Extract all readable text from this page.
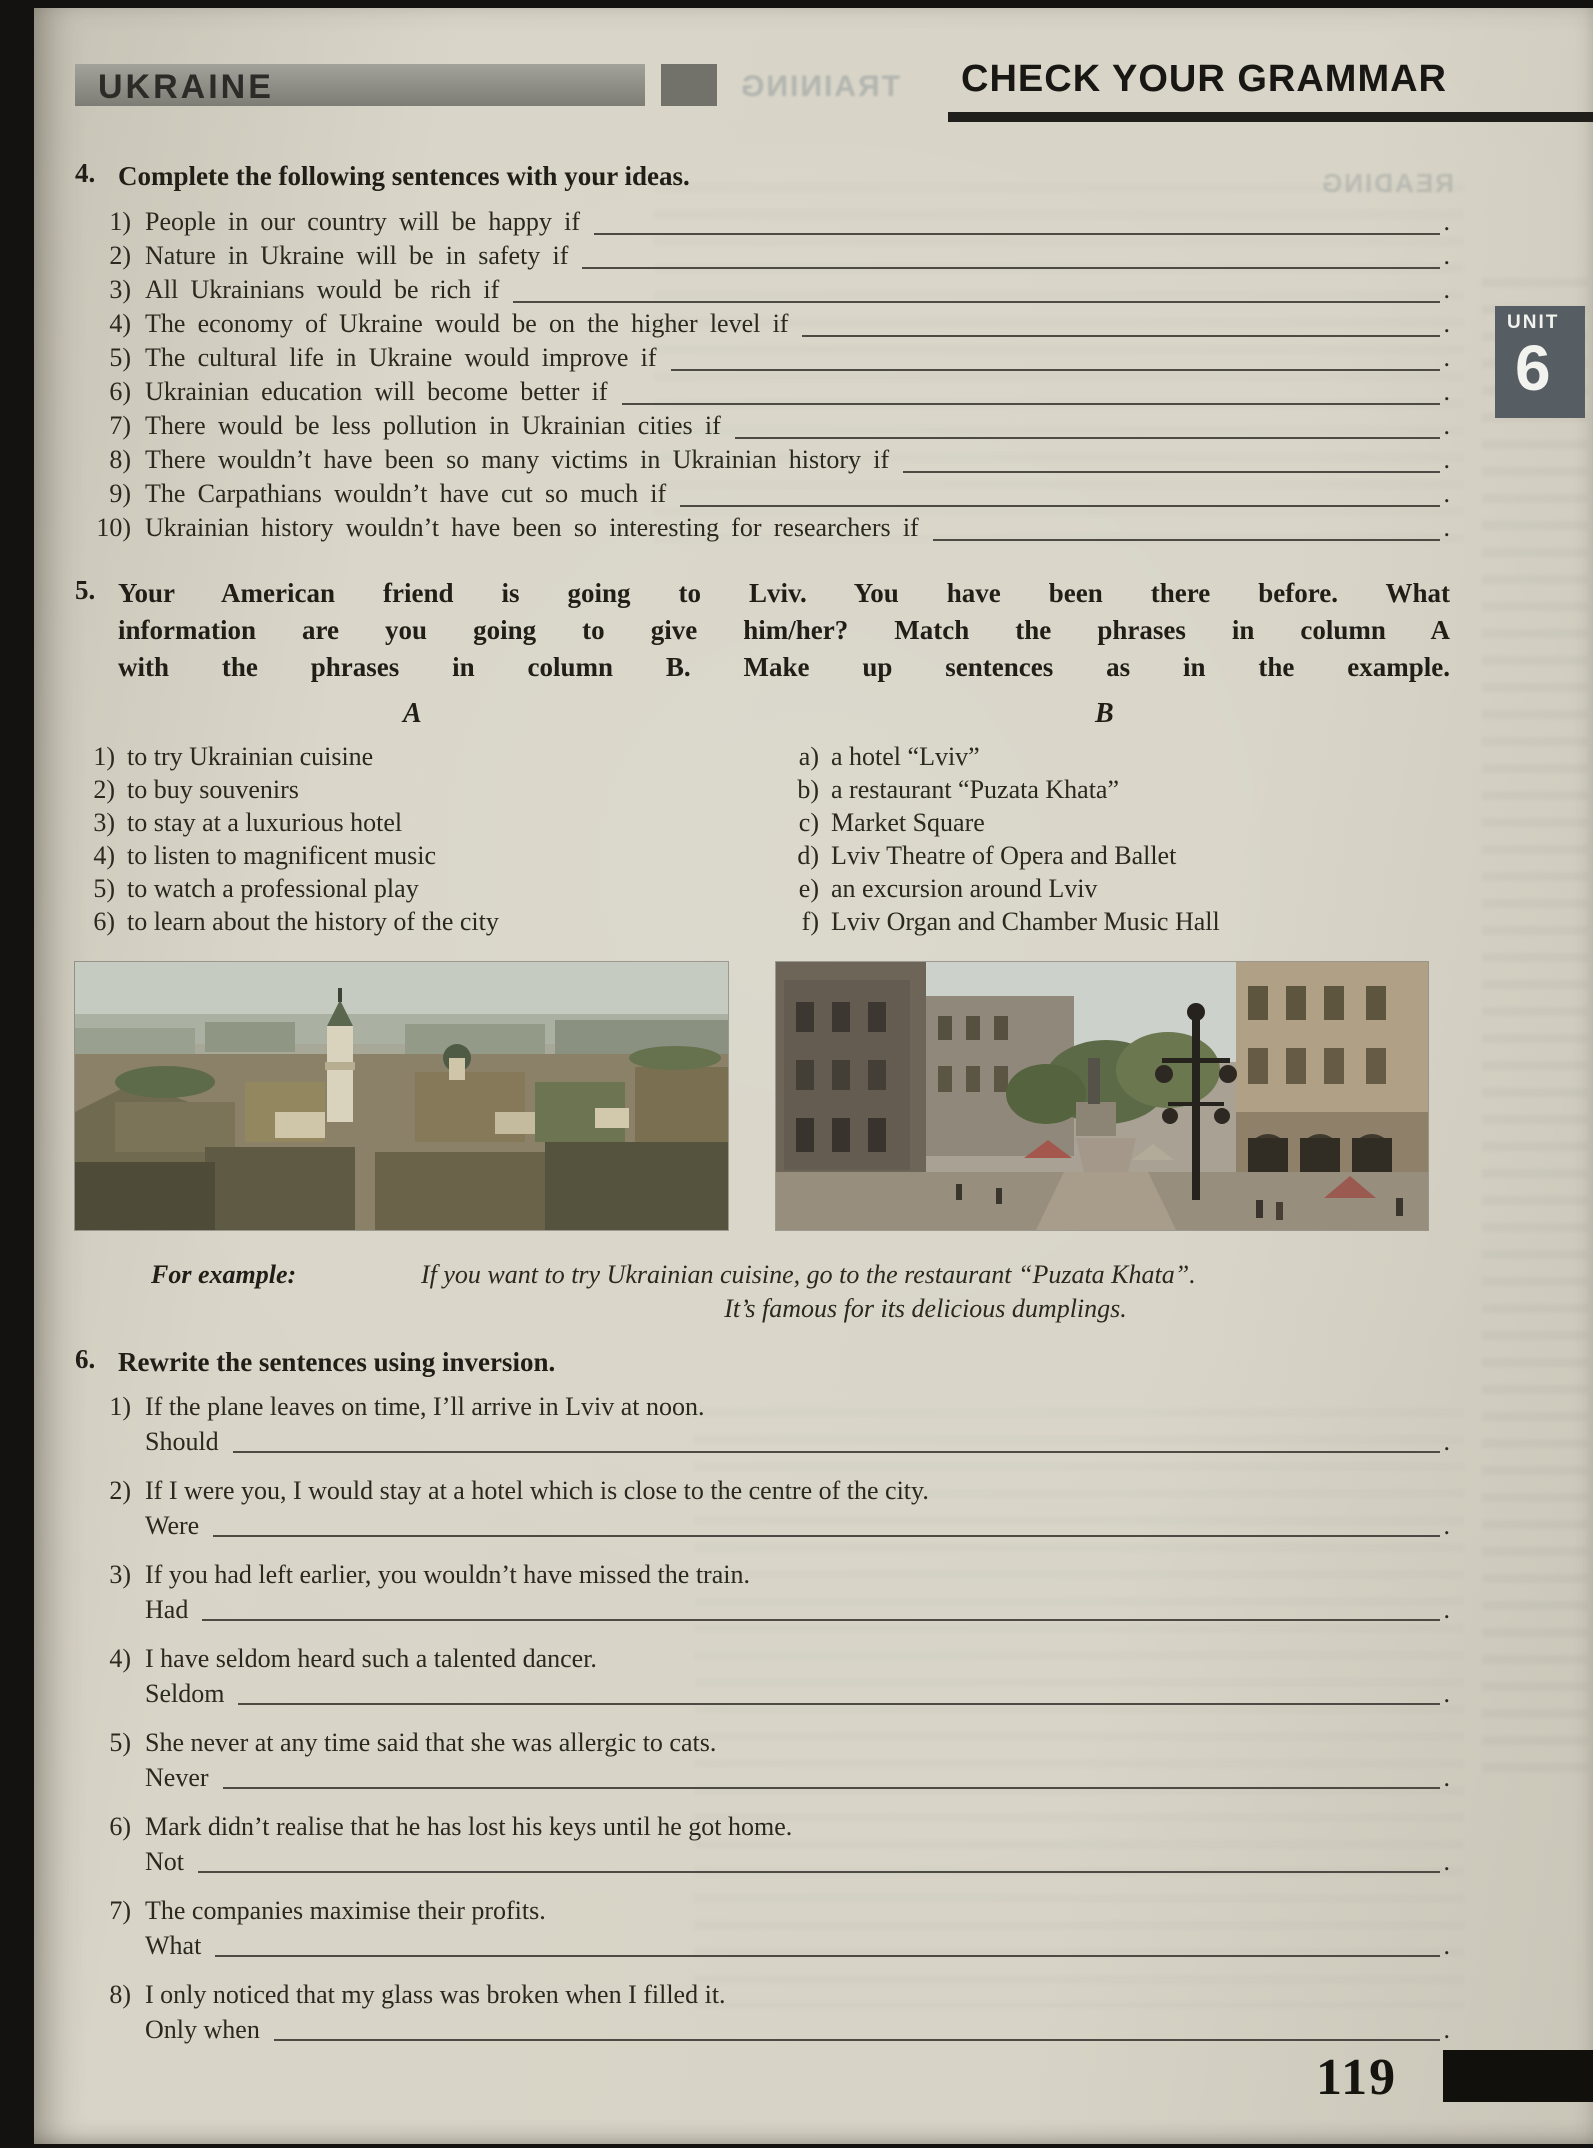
TRAINING
READING
UKRAINE	CHECK YOUR GRAMMAR
UNIT
6
4. Complete the following sentences with your ideas.
1) People in our country will be happy if	.
2) Nature in Ukraine will be in safety if	.
3) All Ukrainians would be rich if	.
4) The economy of Ukraine would be on the higher level if	.
5) The cultural life in Ukraine would improve if	.
6) Ukrainian education will become better if	.
7) There would be less pollution in Ukrainian cities if	.
8) There wouldn’t have been so many victims in Ukrainian history if	.
9) The Carpathians wouldn’t have cut so much if	.
10) Ukrainian history wouldn’t have been so interesting for researchers if	.
5. Your American friend is going to Lviv. You have been there before. What
information are you going to give him/her? Match the phrases in column A
with the phrases in column B. Make up sentences as in the example.
A	B
1) to try Ukrainian cuisine
2) to buy souvenirs
3) to stay at a luxurious hotel
4) to listen to magnificent music
5) to watch a professional play
6) to learn about the history of the city
a) a hotel “Lviv”
b) a restaurant “Puzata Khata”
c) Market Square
d) Lviv Theatre of Opera and Ballet
e) an excursion around Lviv
f) Lviv Organ and Chamber Music Hall
For example:	If you want to try Ukrainian cuisine, go to the restaurant “Puzata Khata”.
It’s famous for its delicious dumplings.
6. Rewrite the sentences using inversion.
1) If the plane leaves on time, I’ll arrive in Lviv at noon.
Should	.
2) If I were you, I would stay at a hotel which is close to the centre of the city.
Were	.
3) If you had left earlier, you wouldn’t have missed the train.
Had	.
4) I have seldom heard such a talented dancer.
Seldom	.
5) She never at any time said that she was allergic to cats.
Never	.
6) Mark didn’t realise that he has lost his keys until he got home.
Not	.
7) The companies maximise their profits.
What	.
8) I only noticed that my glass was broken when I filled it.
Only when	.
119
